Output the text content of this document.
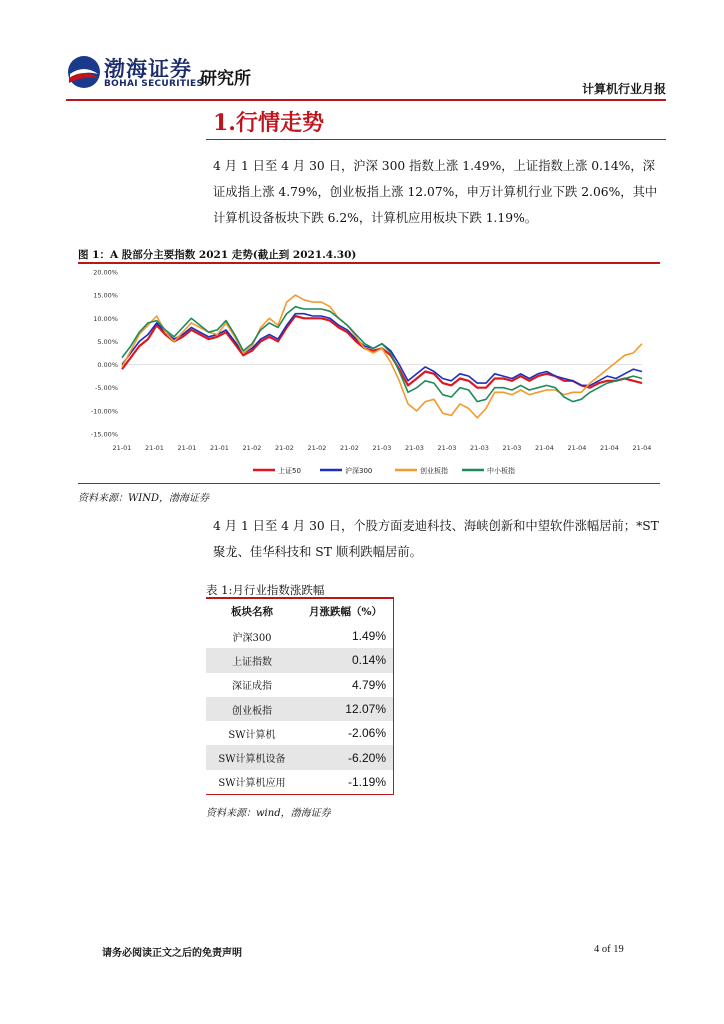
渤海证券
BOHAI SECURITIES
研究所	计算机行业月报
1.行情走势
4 月 1 日至 4 月 30 日，沪深 300 指数上涨 1.49%，上证指数上涨 0.14%，深证成指上涨 4.79%，创业板指上涨 12.07%，申万计算机行业下跌 2.06%，其中计算机设备板块下跌 6.2%，计算机应用板块下跌 1.19%。
图 1：A 股部分主要指数 2021 走势(截止到 2021.4.30)
20.00%
15.00%
10.00%
5.00%
0.00%
-5.00%
-10.00%
-15.00%
21-01 21-01 21-01 21-01 21-02 21-02 21-02 21-02 21-03 21-03 21-03 21-03 21-03 21-04 21-04 21-04 21-04
上证50	沪深300	创业板指	中小板指
资料来源：WIND，渤海证券
4 月 1 日至 4 月 30 日，个股方面麦迪科技、海峡创新和中望软件涨幅居前；*ST 聚龙、佳华科技和 ST 顺利跌幅居前。
表 1:月行业指数涨跌幅
板块名称	月涨跌幅（%）
沪深300	1.49%
上证指数	0.14%
深证成指	4.79%
创业板指	12.07%
SW计算机	-2.06%
SW计算机设备	-6.20%
SW计算机应用	-1.19%
资料来源：wind，渤海证券
请务必阅读正文之后的免责声明	4 of 19
